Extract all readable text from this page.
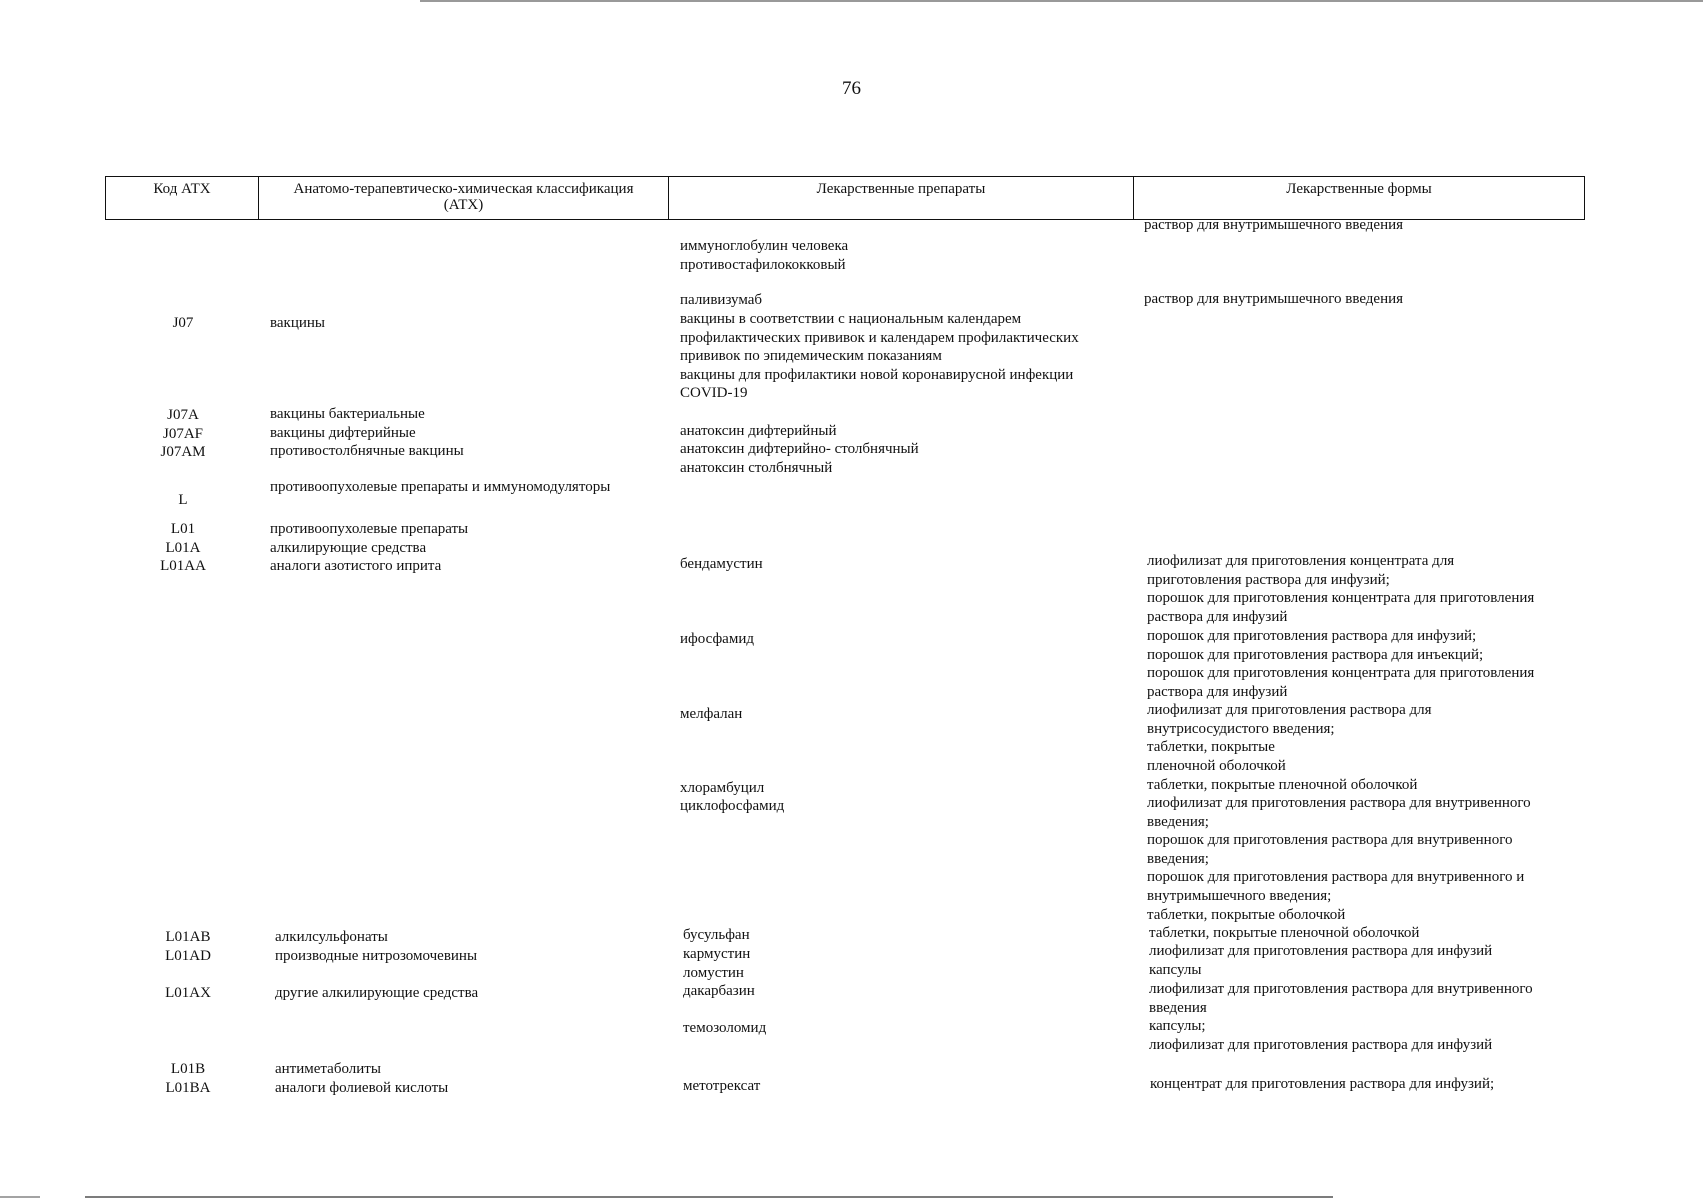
76
Код АТХ	Анатомо-терапевтическо-химическая классификация
(АТХ)
Лекарственные препараты	Лекарственные формы
раствор для внутримышечного введения
иммуноглобулин человека
противостафилококковый
паливизумаб	раствор для внутримышечного введения
J07	вакцины	вакцины в соответствии с национальным календарем
профилактических прививок и календарем профилактических
прививок по эпидемическим показаниям
вакцины для профилактики новой коронавирусной инфекции
COVID-19
J07A	вакцины бактериальные
J07AF	вакцины дифтерийные	анатоксин дифтерийный
J07AM	противостолбнячные вакцины	анатоксин дифтерийно- столбнячный
анатоксин столбнячный
L
противоопухолевые препараты и иммуномодуляторы
L01	противоопухолевые препараты
L01A	алкилирующие средства
L01AA	аналоги азотистого иприта	бендамустин	лиофилизат для приготовления концентрата для
приготовления раствора для инфузий;
порошок для приготовления концентрата для приготовления
раствора для инфузий
ифосфамид	порошок для приготовления раствора для инфузий;
порошок для приготовления раствора для инъекций;
порошок для приготовления концентрата для приготовления
раствора для инфузий
мелфалан	лиофилизат для приготовления раствора для
внутрисосудистого введения;
таблетки, покрытые
пленочной оболочкой
хлорамбуцил	таблетки, покрытые пленочной оболочкой
циклофосфамид	лиофилизат для приготовления раствора для внутривенного
введения;
порошок для приготовления раствора для внутривенного
введения;
порошок для приготовления раствора для внутривенного и
внутримышечного введения;
таблетки, покрытые оболочкой
L01AB	алкилсульфонаты	бусульфан	таблетки, покрытые пленочной оболочкой
L01AD	производные нитрозомочевины	кармустин	лиофилизат для приготовления раствора для инфузий
ломустин	капсулы
L01AX	другие алкилирующие средства	дакарбазин	лиофилизат для приготовления раствора для внутривенного
введения
темозоломид	капсулы;
лиофилизат для приготовления раствора для инфузий
L01B	антиметаболиты
L01BA	аналоги фолиевой кислоты	метотрексат	концентрат для приготовления раствора для инфузий;
